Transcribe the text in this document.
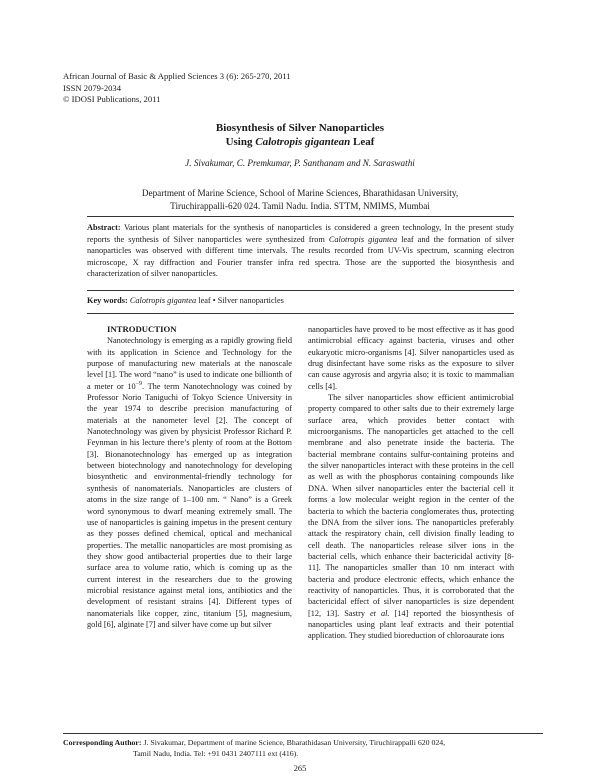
African Journal of Basic & Applied Sciences 3 (6): 265-270, 2011
ISSN 2079-2034
© IDOSI Publications, 2011
Biosynthesis of Silver Nanoparticles
Using Calotropis gigantean Leaf
J. Sivakumar, C. Premkumar, P. Santhanam and N. Saraswathi
Department of Marine Science, School of Marine Sciences, Bharathidasan University,
Tiruchirappalli-620 024. Tamil Nadu. India. STTM, NMIMS, Mumbai
Abstract: Various plant materials for the synthesis of nanoparticles is considered a green technology, In the present study reports the synthesis of Silver nanoparticles were synthesized from Calotropis gigantea leaf and the formation of silver nanoparticles was observed with different time intervals. The results recorded from UV-Vis spectrum, scanning electron microscope, X ray diffraction and Fourier transfer infra red spectra. Those are the supported the biosynthesis and characterization of silver nanoparticles.
Key words: Calotropis gigantea leaf • Silver nanoparticles

INTRODUCTION

Nanotechnology is emerging as a rapidly growing field with its application in Science and Technology for the purpose of manufacturing new materials at the nanoscale level [1]. The word “nano” is used to indicate one billionth of a meter or $10^{-9}$. The term Nanotechnology was coined by Professor Norio Taniguchi of Tokyo Science University in the year 1974 to describe precision manufacturing of materials at the nanometer level [2]. The concept of Nanotechnology was given by physicist Professor Richard P. Feynman in his lecture there’s plenty of room at the Bottom [3]. Bionanotechnology has emerged up as integration between biotechnology and nanotechnology for developing biosynthetic and environmental-friendly technology for synthesis of nanomaterials. Nanoparticles are clusters of atoms in the size range of 1–100 nm. “ Nano” is a Greek word synonymous to dwarf meaning extremely small. The use of nanoparticles is gaining impetus in the present century as they posses defined chemical, optical and mechanical properties. The metallic nanoparticles are most promising as they show good antibacterial properties due to their large surface area to volume ratio, which is coming up as the current interest in the researchers due to the growing microbial resistance against metal ions, antibiotics and the development of resistant strains [4]. Different types of nanomaterials like copper, zinc, titanium [5], magnesium, gold [6], alginate [7] and silver have come up but silver

nanoparticles have proved to be most effective as it has good antimicrobial efficacy against bacteria, viruses and other eukaryotic micro-organisms [4]. Silver nanoparticles used as drug disinfectant have some risks as the exposure to silver can cause agyrosis and argyria also; it is toxic to mammalian cells [4].

The silver nanoparticles show efficient antimicrobial property compared to other salts due to their extremely large surface area, which provides better contact with microorganisms. The nanoparticles get attached to the cell membrane and also penetrate inside the bacteria. The bacterial membrane contains sulfur-containing proteins and the silver nanoparticles interact with these proteins in the cell as well as with the phosphorus containing compounds like DNA. When silver nanoparticles enter the bacterial cell it forms a low molecular weight region in the center of the bacteria to which the bacteria conglomerates thus, protecting the DNA from the silver ions. The nanoparticles preferably attack the respiratory chain, cell division finally leading to cell death. The nanoparticles release silver ions in the bacterial cells, which enhance their bactericidal activity [8-11]. The nanoparticles smaller than 10 nm interact with bacteria and produce electronic effects, which enhance the reactivity of nanoparticles. Thus, it is corroborated that the bactericidal effect of silver nanoparticles is size dependent [12, 13]. Sastry et al. [14] reported the biosynthesis of nanoparticles using plant leaf extracts and their potential application. They studied bioreduction of chloroaurate ions

Corresponding Author: J. Sivakumar, Department of marine Science, Bharathidasan University, Tiruchirappalli 620 024,
Tamil Nadu, India. Tel: +91 0431 2407111 ext (416).
265
